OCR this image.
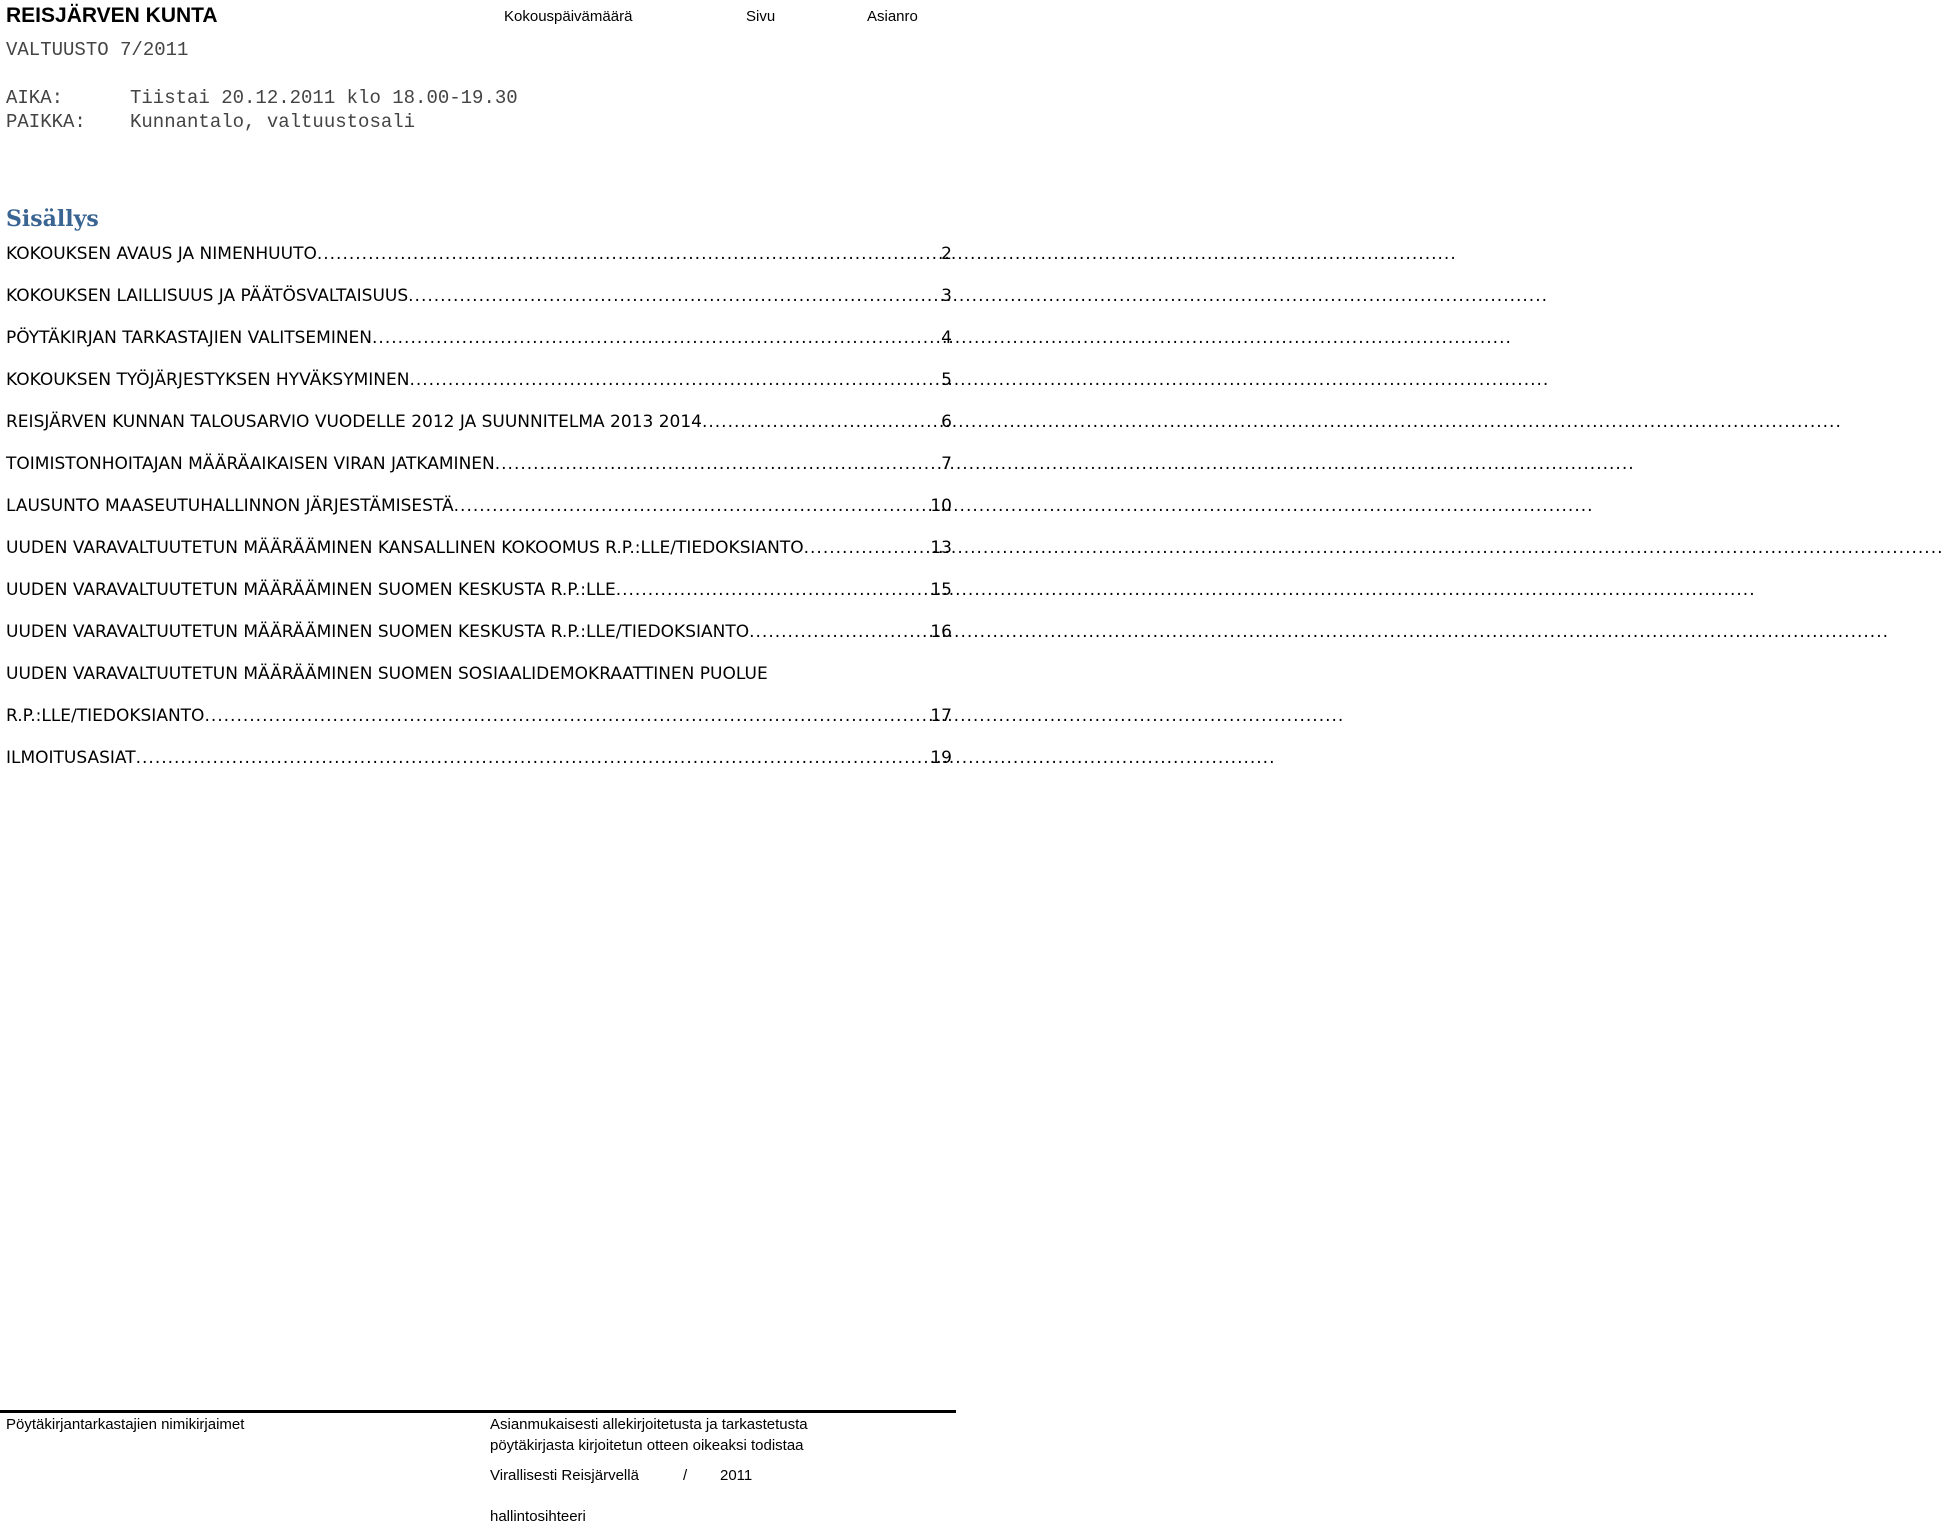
REISJÄRVEN KUNTA	Kokouspäivämäärä	Sivu	Asianro
VALTUUSTO 7/2011
AIKA:	Tiistai 20.12.2011 klo 18.00-19.30
PAIKKA: Kunnantalo, valtuustosali
Sisällys
KOKOUKSEN AVAUS JA NIMENHUUTO .....	2
KOKOUKSEN LAILLISUUS JA PÄÄTÖSVALTAISUUS .....	3
PÖYTÄKIRJAN TARKASTAJIEN VALITSEMINEN .....	4
KOKOUKSEN TYÖJÄRJESTYKSEN HYVÄKSYMINEN .....	5
REISJÄRVEN KUNNAN TALOUSARVIO VUODELLE 2012 JA SUUNNITELMA 2013 2014 .....	6
TOIMISTONHOITAJAN MÄÄRÄAIKAISEN VIRAN JATKAMINEN .....	7
LAUSUNTO MAASEUTUHALLINNON JÄRJESTÄMISESTÄ .....	10
UUDEN VARAVALTUUTETUN MÄÄRÄÄMINEN KANSALLINEN KOKOOMUS R.P.:LLE/TIEDOKSIANTO .....	13
UUDEN VARAVALTUUTETUN MÄÄRÄÄMINEN SUOMEN KESKUSTA R.P.:LLE .....	15
UUDEN VARAVALTUUTETUN MÄÄRÄÄMINEN SUOMEN KESKUSTA R.P.:LLE/TIEDOKSIANTO .....	16
UUDEN VARAVALTUUTETUN MÄÄRÄÄMINEN SUOMEN SOSIAALIDEMOKRAATTINEN PUOLUE
R.P.:LLE/TIEDOKSIANTO .....	17
ILMOITUSASIAT .....	19
Pöytäkirjantarkastajien nimikirjaimet	Asianmukaisesti allekirjoitetusta ja tarkastetusta
pöytäkirjasta kirjoitetun otteen oikeaksi todistaa
Virallisesti Reisjärvellä	/ 2011
hallintosihteeri
